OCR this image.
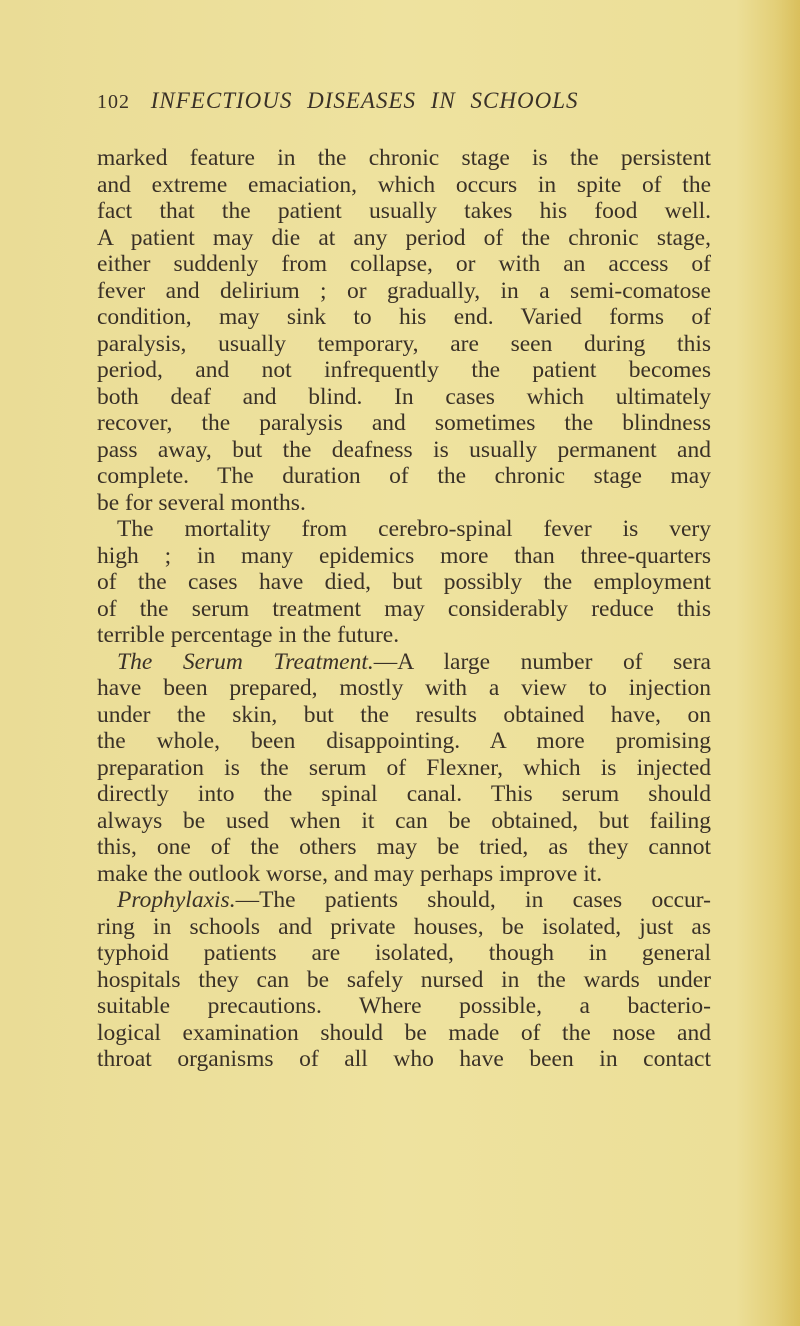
102 INFECTIOUS DISEASES IN SCHOOLS
marked feature in the chronic stage is the persistent
and extreme emaciation, which occurs in spite of the
fact that the patient usually takes his food well.
A patient may die at any period of the chronic stage,
either suddenly from collapse, or with an access of
fever and delirium ; or gradually, in a semi-comatose
condition, may sink to his end. Varied forms of
paralysis, usually temporary, are seen during this
period, and not infrequently the patient becomes
both deaf and blind. In cases which ultimately
recover, the paralysis and sometimes the blindness
pass away, but the deafness is usually permanent and
complete. The duration of the chronic stage may
be for several months.
The mortality from cerebro-spinal fever is very
high ; in many epidemics more than three-quarters
of the cases have died, but possibly the employment
of the serum treatment may considerably reduce this
terrible percentage in the future.
The Serum Treatment.—A large number of sera
have been prepared, mostly with a view to injection
under the skin, but the results obtained have, on
the whole, been disappointing. A more promising
preparation is the serum of Flexner, which is injected
directly into the spinal canal. This serum should
always be used when it can be obtained, but failing
this, one of the others may be tried, as they cannot
make the outlook worse, and may perhaps improve it.
Prophylaxis.—The patients should, in cases occur-
ring in schools and private houses, be isolated, just as
typhoid patients are isolated, though in general
hospitals they can be safely nursed in the wards under
suitable precautions. Where possible, a bacterio-
logical examination should be made of the nose and
throat organisms of all who have been in contact
